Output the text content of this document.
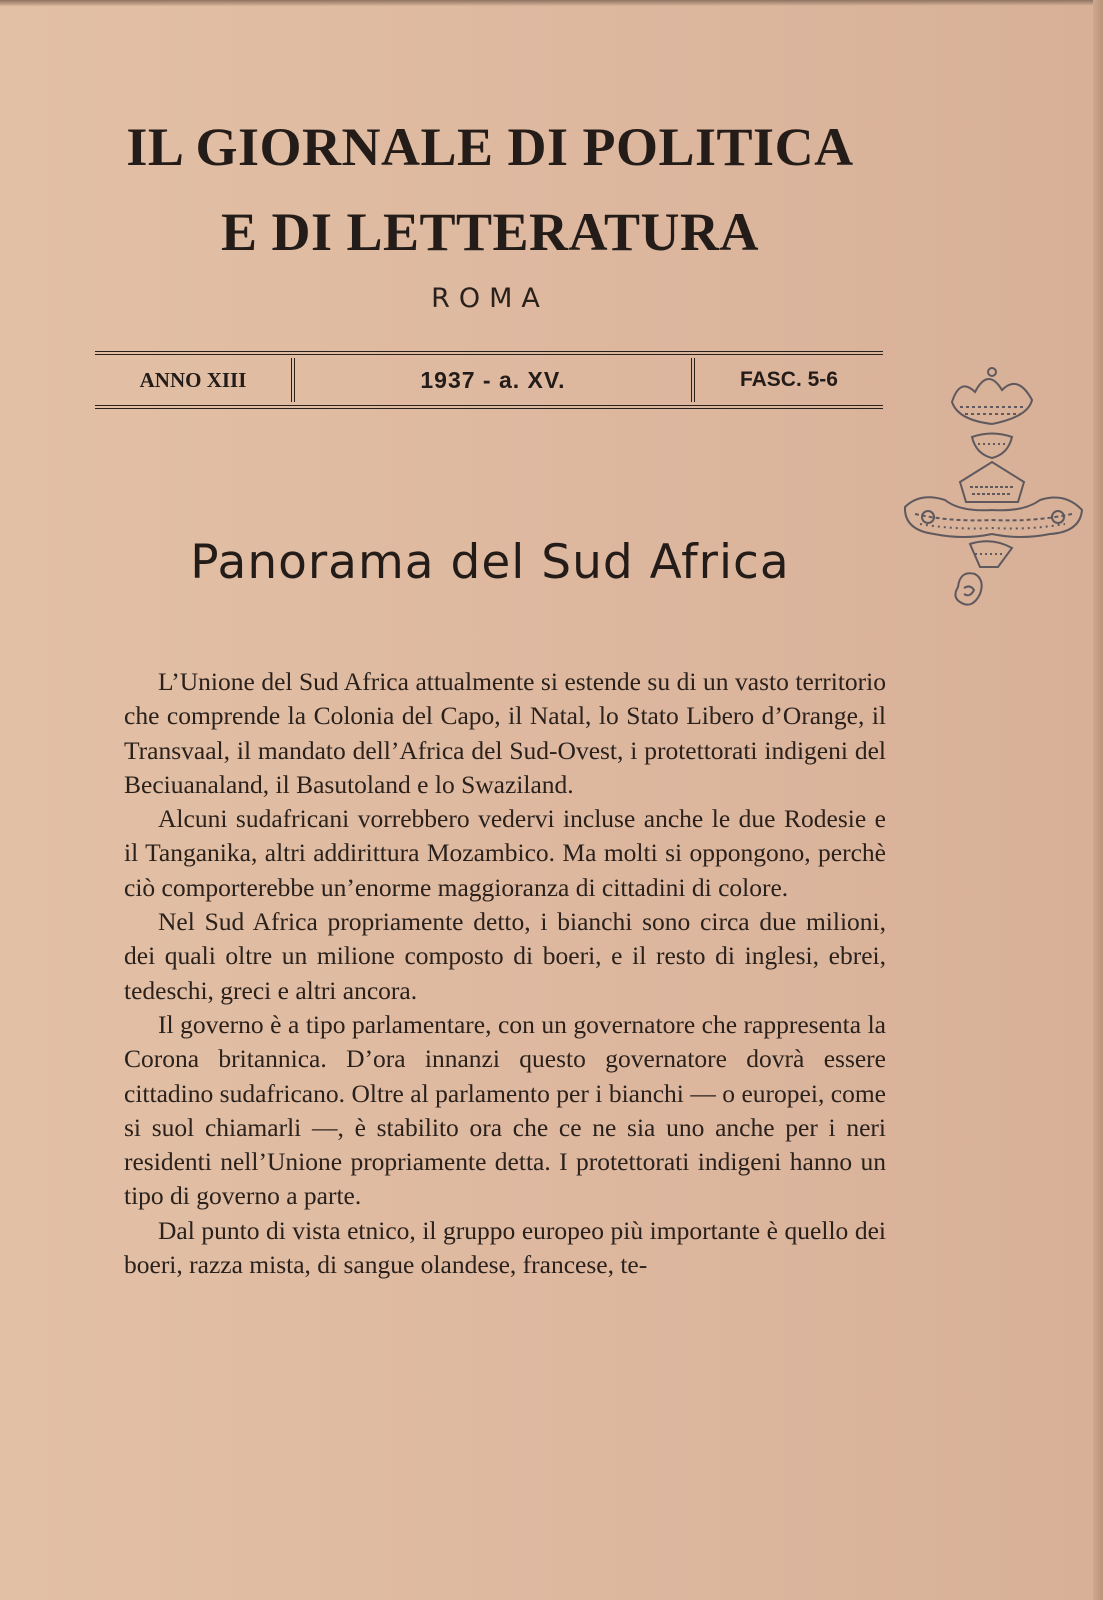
IL GIORNALE DI POLITICA
E DI LETTERATURA
ROMA
ANNO XIII	1937 - a. XV.	FASC. 5-6
Panorama del Sud Africa

L’Unione del Sud Africa attualmente si estende su di un vasto territorio che comprende la Colonia del Capo, il Natal, lo Stato Libero d’Orange, il Transvaal, il mandato dell’Africa del Sud-Ovest, i protettorati indigeni del Beciuanaland, il Basutoland e lo Swaziland.

Alcuni sudafricani vorrebbero vedervi incluse anche le due Rodesie e il Tanganika, altri addirittura Mozambico. Ma molti si oppongono, perchè ciò comporterebbe un’enorme maggioranza di cittadini di colore.

Nel Sud Africa propriamente detto, i bianchi sono circa due milioni, dei quali oltre un milione composto di boeri, e il resto di inglesi, ebrei, tedeschi, greci e altri ancora.

Il governo è a tipo parlamentare, con un governatore che rappresenta la Corona britannica. D’ora innanzi questo governatore dovrà essere cittadino sudafricano. Oltre al parlamento per i bianchi — o europei, come si suol chiamarli —, è stabilito ora che ce ne sia uno anche per i neri residenti nell’Unione propriamente detta. I protettorati indigeni hanno un tipo di governo a parte.

Dal punto di vista etnico, il gruppo europeo più importante è quello dei boeri, razza mista, di sangue olandese, francese, te-
